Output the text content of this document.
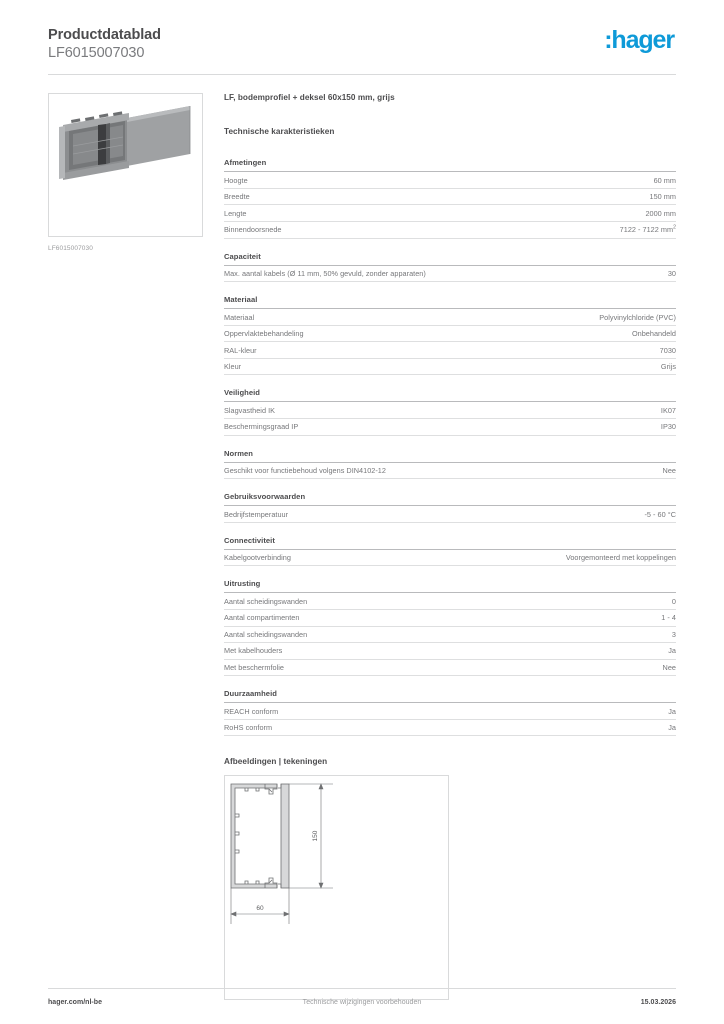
Productdatablad
LF6015007030	:hager
LF6015007030
LF, bodemprofiel + deksel 60x150 mm, grijs
Technische karakteristieken
Afmetingen
Hoogte	60 mm
Breedte	150 mm
Lengte	2000 mm
Binnendoorsnede	7122 - 7122 $mm^2$
Capaciteit
Max. aantal kabels (Ø 11 mm, 50% gevuld, zonder apparaten)	30
Materiaal
Materiaal	Polyvinylchloride (PVC)
Oppervlaktebehandeling	Onbehandeld
RAL-kleur	7030
Kleur	Grijs
Veiligheid
Slagvastheid IK	IK07
Beschermingsgraad IP	IP30
Normen
Geschikt voor functiebehoud volgens DIN4102-12	Nee
Gebruiksvoorwaarden
Bedrijfstemperatuur	-5 - 60 °C
Connectiviteit
Kabelgootverbinding	Voorgemonteerd met koppelingen
Uitrusting
Aantal scheidingswanden	0
Aantal compartimenten	1 - 4
Aantal scheidingswanden	3
Met kabelhouders	Ja
Met beschermfolie	Nee
Duurzaamheid
REACH conform	Ja
RoHS conform	Ja
Afbeeldingen | tekeningen
150
60
hager.com/nl-be	Technische wijzigingen voorbehouden	15.03.2026
